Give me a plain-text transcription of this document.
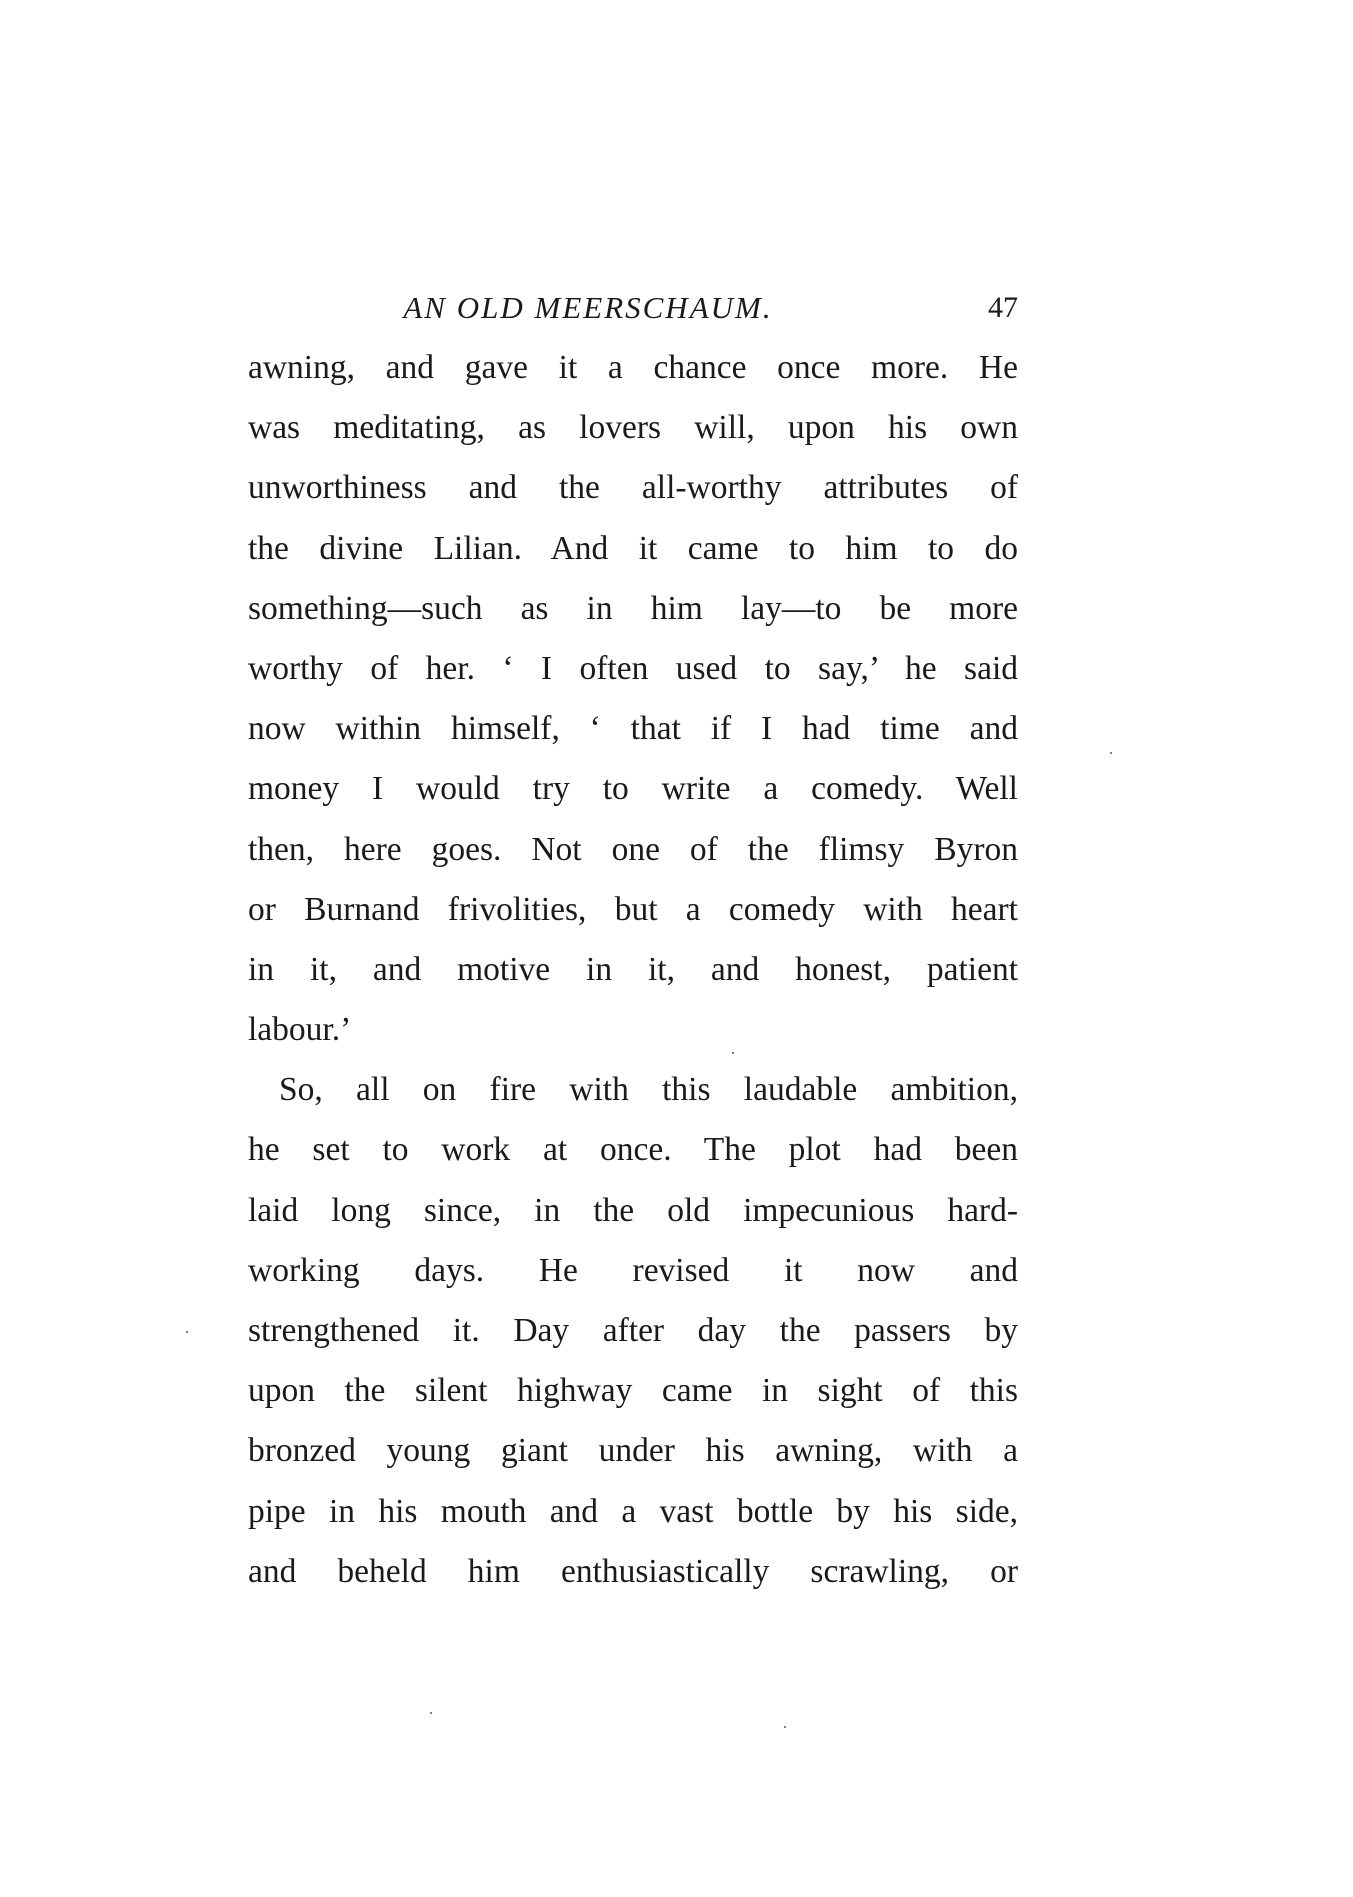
AN OLD MEERSCHAUM.	47
awning, and gave it a chance once more. He
was meditating, as lovers will, upon his own
unworthiness and the all-worthy attributes of
the divine Lilian. And it came to him to do
something—such as in him lay—to be more
worthy of her. ‘ I often used to say,’ he said
now within himself, ‘ that if I had time and
money I would try to write a comedy. Well
then, here goes. Not one of the flimsy Byron
or Burnand frivolities, but a comedy with heart
in it, and motive in it, and honest, patient
labour.’
So, all on fire with this laudable ambition,
he set to work at once. The plot had been
laid long since, in the old impecunious hard-
working days. He revised it now and
strengthened it. Day after day the passers by
upon the silent highway came in sight of this
bronzed young giant under his awning, with a
pipe in his mouth and a vast bottle by his side,
and beheld him enthusiastically scrawling, or
